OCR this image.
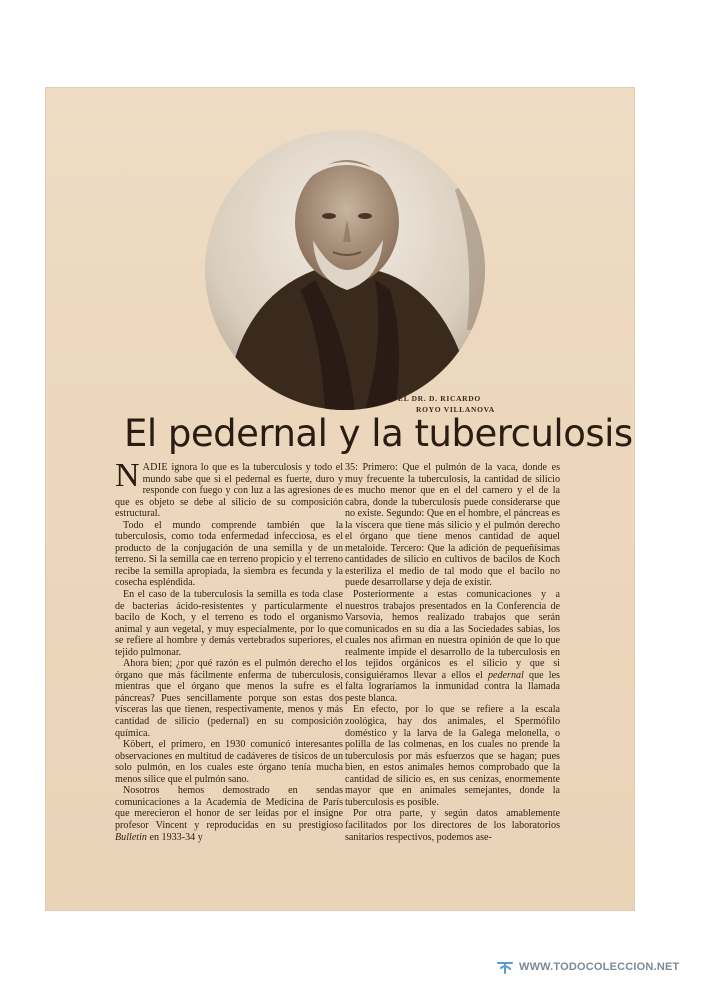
EL DR. D. RICARDO
ROYO VILLANOVA
El pedernal y la tuberculosis

NADIE ignora lo que es la tuberculosis y todo el mundo sabe que si el pedernal es fuerte, duro y responde con fuego y con luz a las agresiones de que es objeto se debe al silicio de su composición estructural.

Todo el mundo comprende también que la tuberculosis, como toda enfermedad infecciosa, es el producto de la conjugación de una semilla y de un terreno. Si la semilla cae en terreno propicio y el terreno recibe la semilla apropiada, la siembra es fecunda y la cosecha espléndida.

En el caso de la tuberculosis la semilla es toda clase de bacterias ácido-resistentes y particularmente el bacilo de Koch, y el terreno es todo el organismo animal y aun vegetal, y muy especialmente, por lo que se refiere al hombre y demás vertebrados superiores, el tejido pulmonar.

Ahora bien; ¿por qué razón es el pulmón derecho el órgano que más fácilmente enferma de tuberculosis, mientras que el órgano que menos la sufre es el páncreas? Pues sencillamente porque son estas dos vísceras las que tienen, respectivamente, menos y más cantidad de silicio (pedernal) en su composición química.

Köbert, el primero, en 1930 comunicó interesantes observaciones en multitud de cadáveres de tísicos de un solo pulmón, en los cuales este órgano tenía mucha menos sílice que el pulmón sano.

Nosotros hemos demostrado en sendas comunicaciones a la Academia de Medicina de París que merecieron el honor de ser leídas por el insigne profesor Vincent y reproducidas en su prestigioso Bulletin en 1933-34 y

35: Primero: Que el pulmón de la vaca, donde es muy frecuente la tuberculosis, la cantidad de silicio es mucho menor que en el del carnero y el de la cabra, donde la tuberculosis puede considerarse que no existe. Segundo: Que en el hombre, el páncreas es la víscera que tiene más silicio y el pulmón derecho el órgano que tiene menos cantidad de aquel metaloide. Tercero: Que la adición de pequeñísimas cantidades de silicio en cultivos de bacilos de Koch esteriliza el medio de tal modo que el bacilo no puede desarrollarse y deja de existir.

Posteriormente a estas comunicaciones y a nuestros trabajos presentados en la Conferencia de Varsovia, hemos realizado trabajos que serán comunicados en su día a las Sociedades sabias, los cuales nos afirman en nuestra opinión de que lo que realmente impide el desarrollo de la tuberculosis en los tejidos orgánicos es el silicio y que si consiguiéramos llevar a ellos el pedernal que les falta lograríamos la inmunidad contra la llamada peste blanca.

En efecto, por lo que se refiere a la escala zoológica, hay dos animales, el Spermófilo doméstico y la larva de la Galega melonella, o polilla de las colmenas, en los cuales no prende la tuberculosis por más esfuerzos que se hagan; pues bien, en estos animales hemos comprobado que la cantidad de silicio es, en sus cenizas, enormemente mayor que en animales semejantes, donde la tuberculosis es posible.

Por otra parte, y según datos amablemente facilitados por los directores de los laboratorios sanitarios respectivos, podemos ase-

WWW.TODOCOLECCION.NET
